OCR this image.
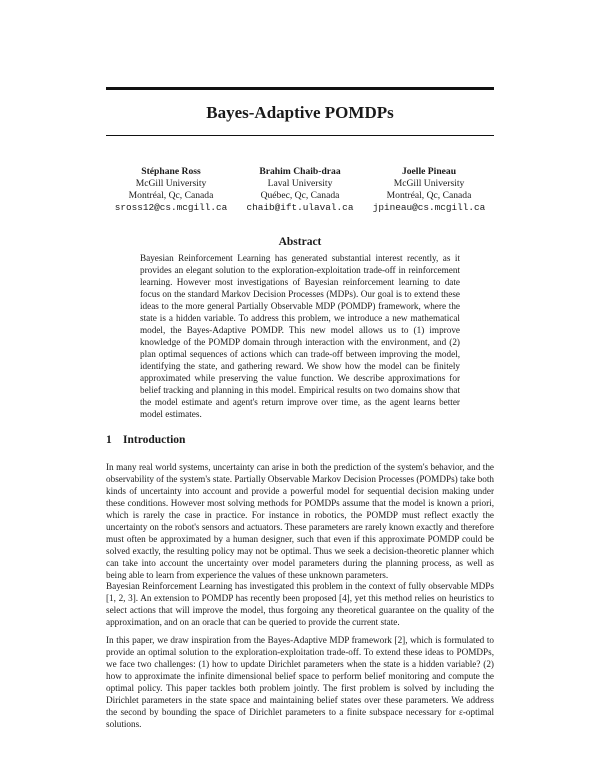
Bayes-Adaptive POMDPs
Stéphane Ross
McGill University
Montréal, Qc, Canada
sross12@cs.mcgill.ca
Brahim Chaib-draa
Laval University
Québec, Qc, Canada
chaib@ift.ulaval.ca
Joelle Pineau
McGill University
Montréal, Qc, Canada
jpineau@cs.mcgill.ca
Abstract
Bayesian Reinforcement Learning has generated substantial interest recently, as it provides an elegant solution to the exploration-exploitation trade-off in reinforcement learning. However most investigations of Bayesian reinforcement learning to date focus on the standard Markov Decision Processes (MDPs). Our goal is to extend these ideas to the more general Partially Observable MDP (POMDP) framework, where the state is a hidden variable. To address this problem, we introduce a new mathematical model, the Bayes-Adaptive POMDP. This new model allows us to (1) improve knowledge of the POMDP domain through interaction with the environment, and (2) plan optimal sequences of actions which can trade-off between improving the model, identifying the state, and gathering reward. We show how the model can be finitely approximated while preserving the value function. We describe approximations for belief tracking and planning in this model. Empirical results on two domains show that the model estimate and agent's return improve over time, as the agent learns better model estimates.
1 Introduction
In many real world systems, uncertainty can arise in both the prediction of the system's behavior, and the observability of the system's state. Partially Observable Markov Decision Processes (POMDPs) take both kinds of uncertainty into account and provide a powerful model for sequential decision making under these conditions. However most solving methods for POMDPs assume that the model is known a priori, which is rarely the case in practice. For instance in robotics, the POMDP must reflect exactly the uncertainty on the robot's sensors and actuators. These parameters are rarely known exactly and therefore must often be approximated by a human designer, such that even if this approximate POMDP could be solved exactly, the resulting policy may not be optimal. Thus we seek a decision-theoretic planner which can take into account the uncertainty over model parameters during the planning process, as well as being able to learn from experience the values of these unknown parameters.
Bayesian Reinforcement Learning has investigated this problem in the context of fully observable MDPs [1, 2, 3]. An extension to POMDP has recently been proposed [4], yet this method relies on heuristics to select actions that will improve the model, thus forgoing any theoretical guarantee on the quality of the approximation, and on an oracle that can be queried to provide the current state.
In this paper, we draw inspiration from the Bayes-Adaptive MDP framework [2], which is formulated to provide an optimal solution to the exploration-exploitation trade-off. To extend these ideas to POMDPs, we face two challenges: (1) how to update Dirichlet parameters when the state is a hidden variable? (2) how to approximate the infinite dimensional belief space to perform belief monitoring and compute the optimal policy. This paper tackles both problem jointly. The first problem is solved by including the Dirichlet parameters in the state space and maintaining belief states over these parameters. We address the second by bounding the space of Dirichlet parameters to a finite subspace necessary for ε-optimal solutions.
